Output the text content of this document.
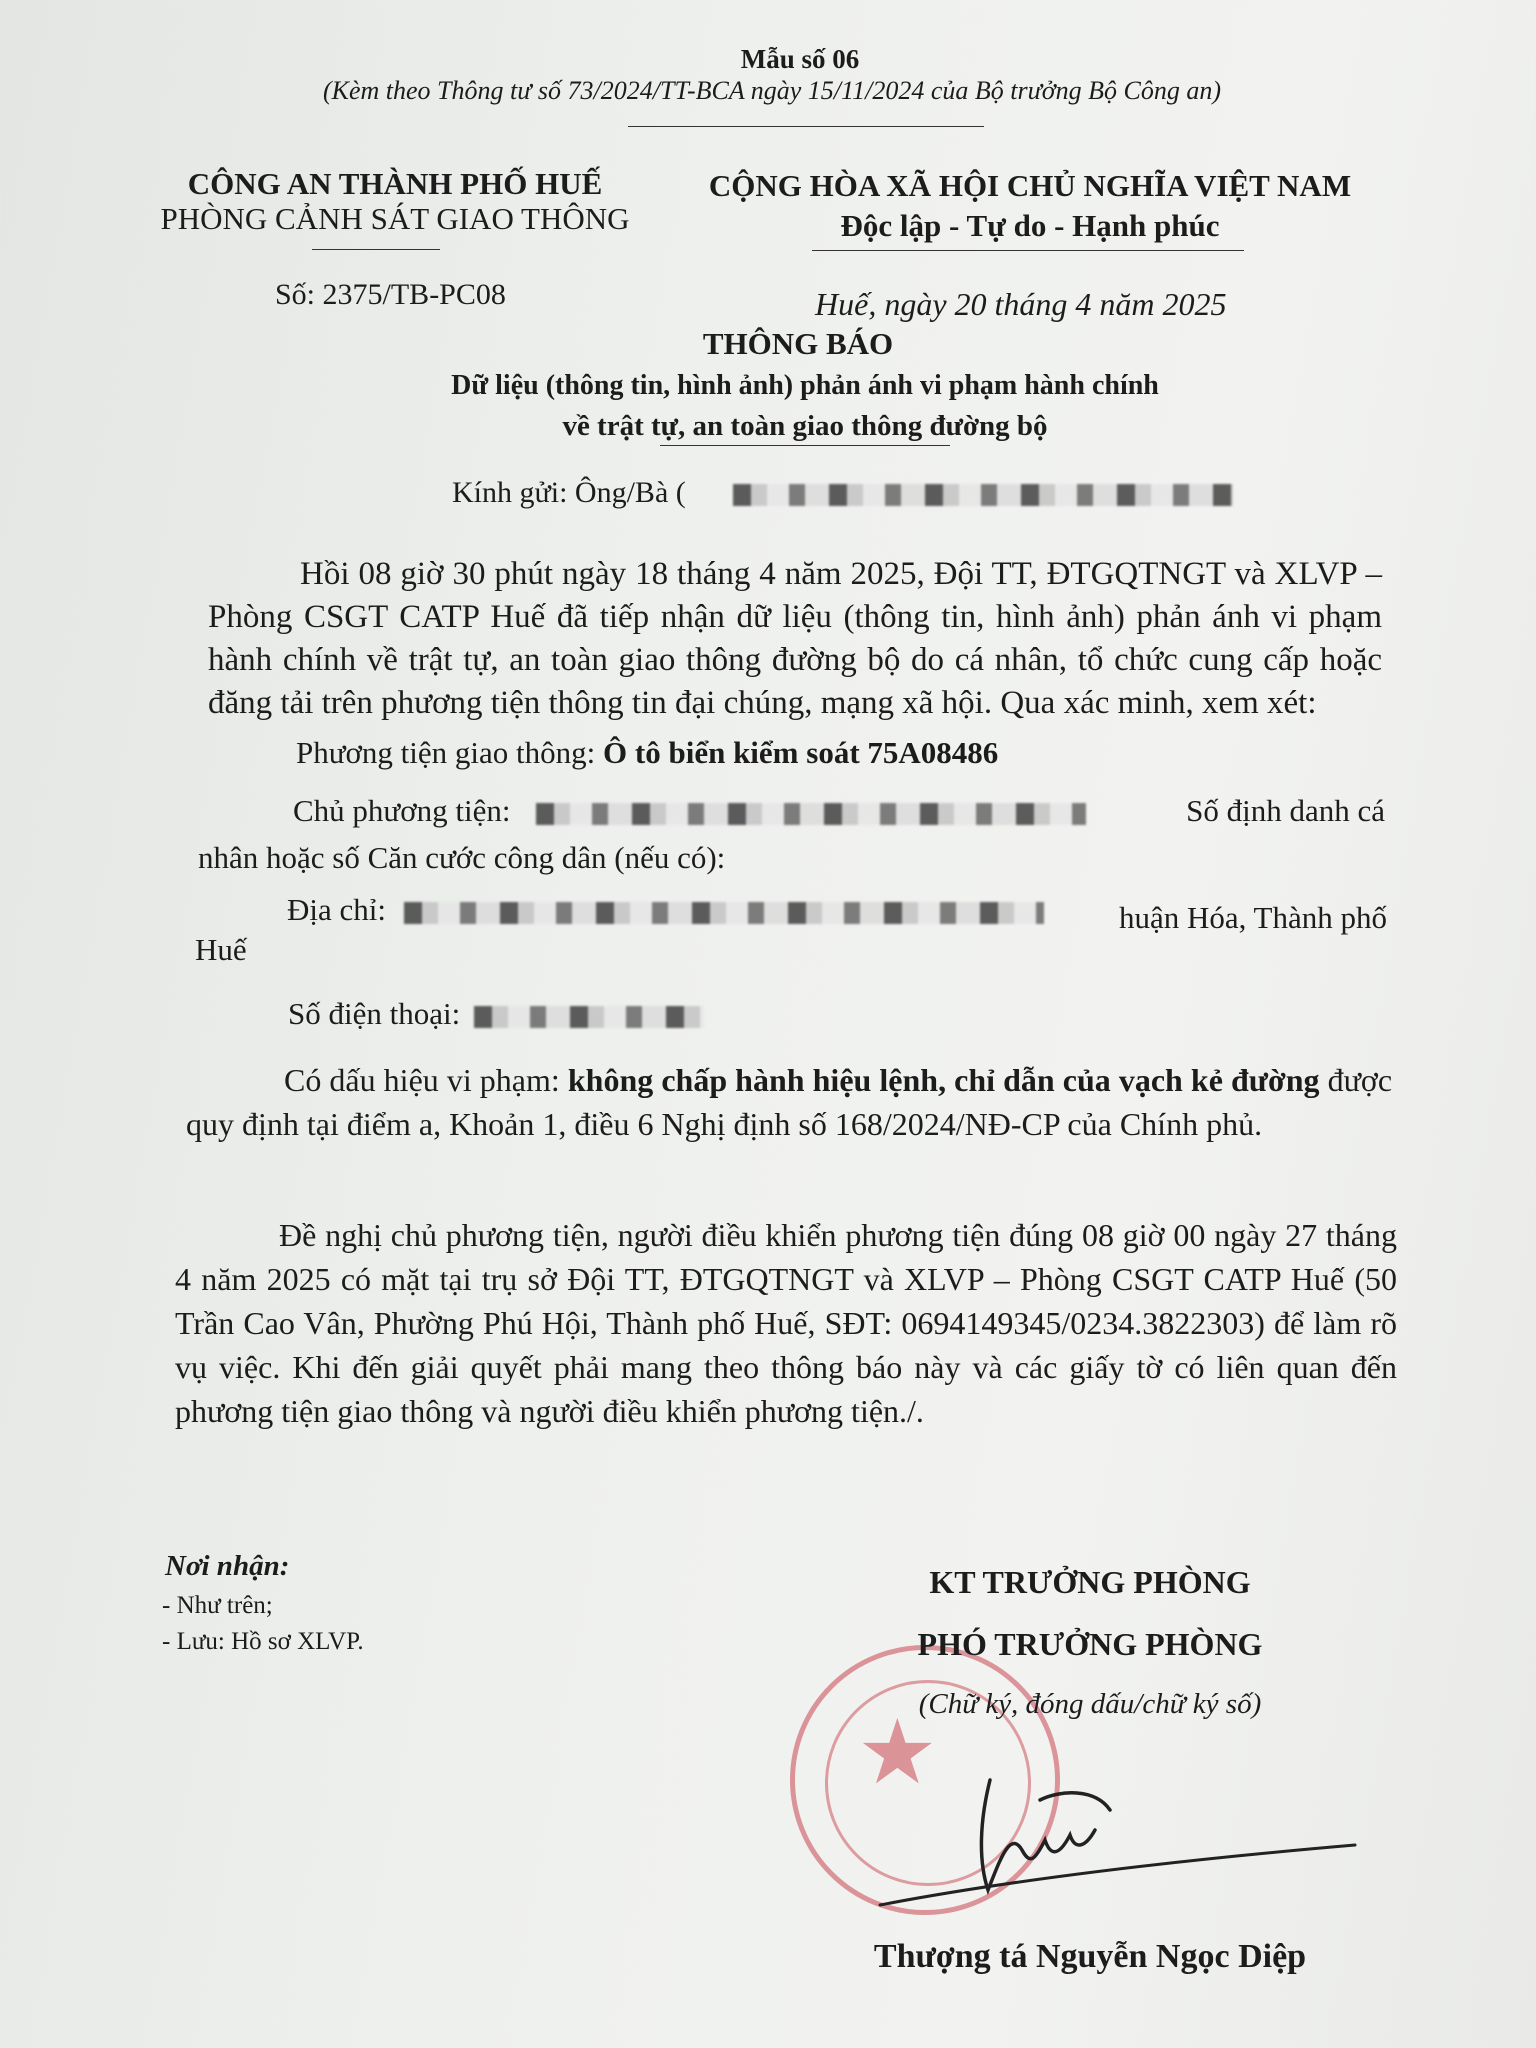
Mẫu số 06
(Kèm theo Thông tư số 73/2024/TT-BCA ngày 15/11/2024 của Bộ trưởng Bộ Công an)
CÔNG AN THÀNH PHỐ HUẾ
PHÒNG CẢNH SÁT GIAO THÔNG
CỘNG HÒA XÃ HỘI CHỦ NGHĨA VIỆT NAM
Độc lập - Tự do - Hạnh phúc
Số: 2375/TB-PC08	Huế, ngày 20 tháng 4 năm 2025
THÔNG BÁO
Dữ liệu (thông tin, hình ảnh) phản ánh vi phạm hành chính
về trật tự, an toàn giao thông đường bộ
Kính gửi: Ông/Bà (
Hồi 08 giờ 30 phút ngày 18 tháng 4 năm 2025, Đội TT, ĐTGQTNGT và XLVP – Phòng CSGT CATP Huế đã tiếp nhận dữ liệu (thông tin, hình ảnh) phản ánh vi phạm hành chính về trật tự, an toàn giao thông đường bộ do cá nhân, tổ chức cung cấp hoặc đăng tải trên phương tiện thông tin đại chúng, mạng xã hội. Qua xác minh, xem xét:
Phương tiện giao thông: Ô tô biển kiểm soát 75A08486
Chủ phương tiện:	Số định danh cá
nhân hoặc số Căn cước công dân (nếu có):
Địa chỉ:	huận Hóa, Thành phố
Huế
Số điện thoại:
Có dấu hiệu vi phạm: không chấp hành hiệu lệnh, chỉ dẫn của vạch kẻ đường được quy định tại điểm a, Khoản 1, điều 6 Nghị định số 168/2024/NĐ-CP của Chính phủ.
Đề nghị chủ phương tiện, người điều khiển phương tiện đúng 08 giờ 00 ngày 27 tháng 4 năm 2025 có mặt tại trụ sở Đội TT, ĐTGQTNGT và XLVP – Phòng CSGT CATP Huế (50 Trần Cao Vân, Phường Phú Hội, Thành phố Huế, SĐT: 0694149345/0234.3822303) để làm rõ vụ việc. Khi đến giải quyết phải mang theo thông báo này và các giấy tờ có liên quan đến phương tiện giao thông và người điều khiển phương tiện./.
Nơi nhận:
- Như trên;
- Lưu: Hồ sơ XLVP.
★
KT TRƯỞNG PHÒNG
PHÓ TRƯỞNG PHÒNG
(Chữ ký, đóng dấu/chữ ký số)
Thượng tá Nguyễn Ngọc Diệp
